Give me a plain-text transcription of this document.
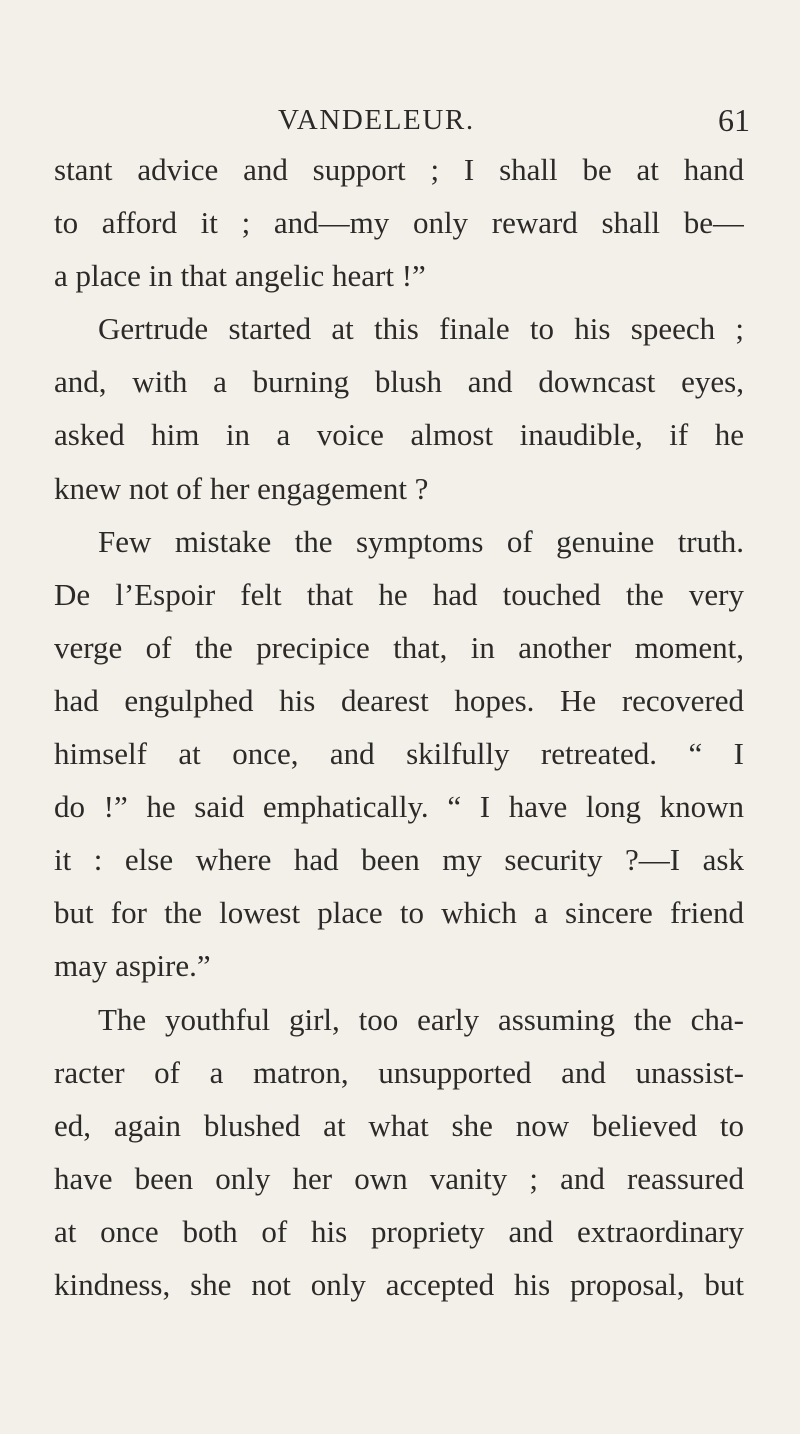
VANDELEUR.	61
stant advice and support ; I shall be at hand
to afford it ; and—my only reward shall be—
a place in that angelic heart !”
Gertrude started at this finale to his speech ;
and, with a burning blush and downcast eyes,
asked him in a voice almost inaudible, if he
knew not of her engagement ?
Few mistake the symptoms of genuine truth.
De l’Espoir felt that he had touched the very
verge of the precipice that, in another moment,
had engulphed his dearest hopes. He recovered
himself at once, and skilfully retreated. “ I
do !” he said emphatically. “ I have long known
it : else where had been my security ?—I ask
but for the lowest place to which a sincere friend
may aspire.”
The youthful girl, too early assuming the cha-
racter of a matron, unsupported and unassist-
ed, again blushed at what she now believed to
have been only her own vanity ; and reassured
at once both of his propriety and extraordinary
kindness, she not only accepted his proposal, but
